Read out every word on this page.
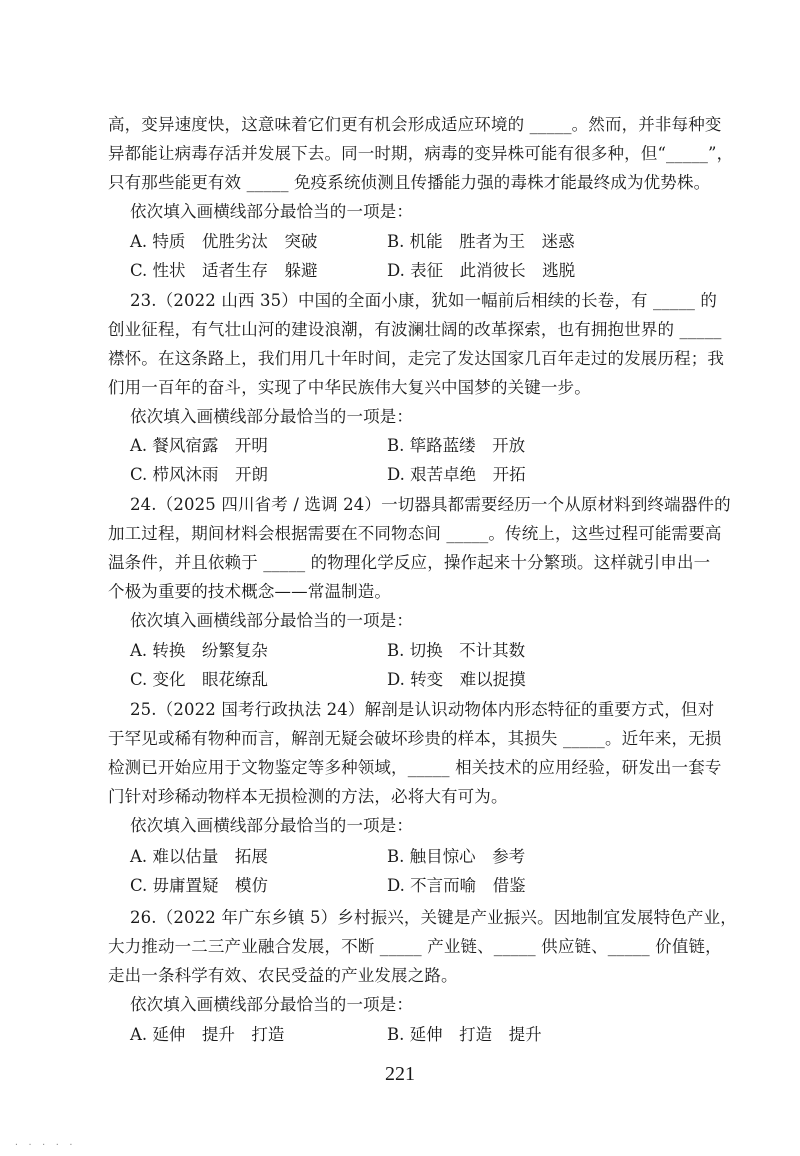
高，变异速度快，这意味着它们更有机会形成适应环境的 _____。然而，并非每种变
异都能让病毒存活并发展下去。同一时期，病毒的变异株可能有很多种，但“_____”，
只有那些能更有效 _____ 免疫系统侦测且传播能力强的毒株才能最终成为优势株。
依次填入画横线部分最恰当的一项是：
A. 特质　优胜劣汰　突破	B. 机能　胜者为王　迷惑
C. 性状　适者生存　躲避	D. 表征　此消彼长　逃脱
23.（2022 山西 35）中国的全面小康，犹如一幅前后相续的长卷，有 _____ 的
创业征程，有气壮山河的建设浪潮，有波澜壮阔的改革探索，也有拥抱世界的 _____
襟怀。在这条路上，我们用几十年时间，走完了发达国家几百年走过的发展历程；我
们用一百年的奋斗，实现了中华民族伟大复兴中国梦的关键一步。
依次填入画横线部分最恰当的一项是：
A. 餐风宿露　开明	B. 筚路蓝缕　开放
C. 栉风沐雨　开朗	D. 艰苦卓绝　开拓
24.（2025 四川省考 / 选调 24）一切器具都需要经历一个从原材料到终端器件的
加工过程，期间材料会根据需要在不同物态间 _____。传统上，这些过程可能需要高
温条件，并且依赖于 _____ 的物理化学反应，操作起来十分繁琐。这样就引申出一
个极为重要的技术概念——常温制造。
依次填入画横线部分最恰当的一项是：
A. 转换　纷繁复杂	B. 切换　不计其数
C. 变化　眼花缭乱	D. 转变　难以捉摸
25.（2022 国考行政执法 24）解剖是认识动物体内形态特征的重要方式，但对
于罕见或稀有物种而言，解剖无疑会破坏珍贵的样本，其损失 _____。近年来，无损
检测已开始应用于文物鉴定等多种领域，_____ 相关技术的应用经验，研发出一套专
门针对珍稀动物样本无损检测的方法，必将大有可为。
依次填入画横线部分最恰当的一项是：
A. 难以估量　拓展	B. 触目惊心　参考
C. 毋庸置疑　模仿	D. 不言而喻　借鉴
26.（2022 年广东乡镇 5）乡村振兴，关键是产业振兴。因地制宜发展特色产业，
大力推动一二三产业融合发展，不断 _____ 产业链、_____ 供应链、_____ 价值链，
走出一条科学有效、农民受益的产业发展之路。
依次填入画横线部分最恰当的一项是：
A. 延伸　提升　打造	B. 延伸　打造　提升
221
. . . . .
